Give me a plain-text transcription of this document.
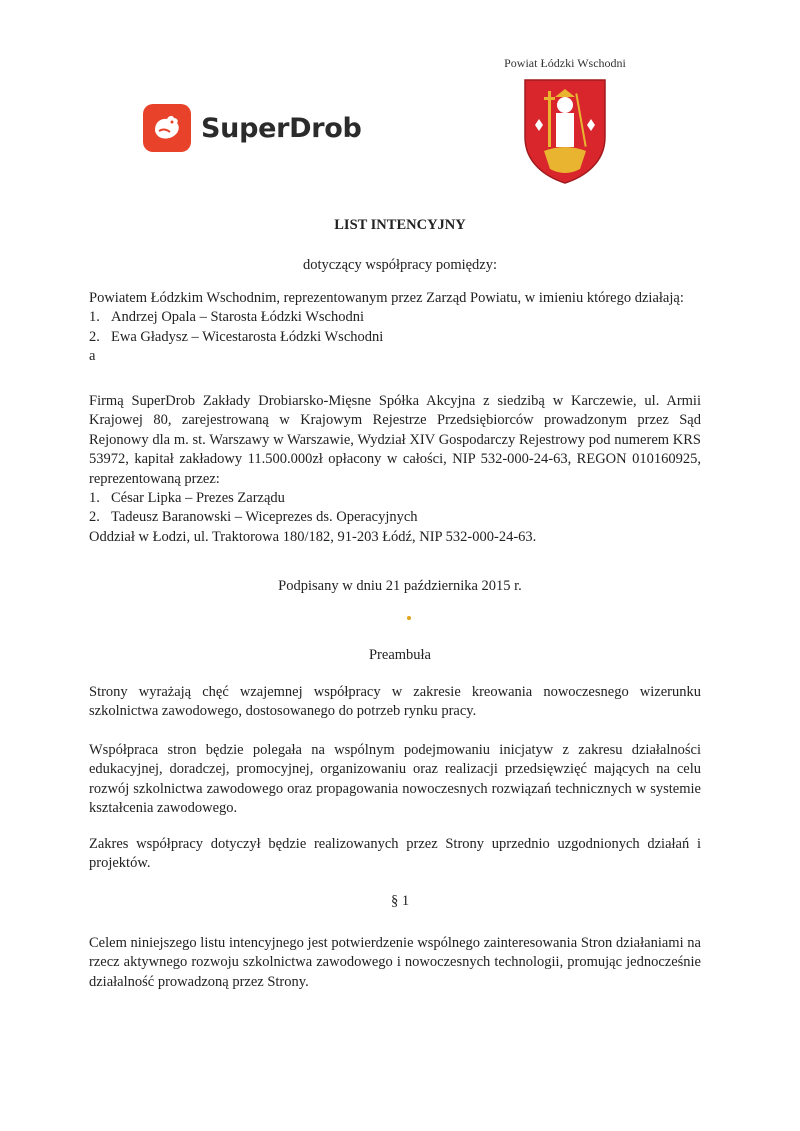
SuperDrob
Powiat Łódzki Wschodni
LIST INTENCYJNY
dotyczący współpracy pomiędzy:

Powiatem Łódzkim Wschodnim, reprezentowanym przez Zarząd Powiatu, w imieniu którego działają:

1. Andrzej Opala – Starosta Łódzki Wschodni
2. Ewa Gładysz – Wicestarosta Łódzki Wschodni

a

Firmą SuperDrob Zakłady Drobiarsko-Mięsne Spółka Akcyjna z siedzibą w Karczewie, ul. Armii Krajowej 80, zarejestrowaną w Krajowym Rejestrze Przedsiębiorców prowadzonym przez Sąd Rejonowy dla m. st. Warszawy w Warszawie, Wydział XIV Gospodarczy Rejestrowy pod numerem KRS 53972, kapitał zakładowy 11.500.000zł opłacony w całości, NIP 532-000-24-63, REGON 010160925, reprezentowaną przez:

1. César Lipka – Prezes Zarządu
2. Tadeusz Baranowski – Wiceprezes ds. Operacyjnych

Oddział w Łodzi, ul. Traktorowa 180/182, 91-203 Łódź, NIP 532-000-24-63.

Podpisany w dniu 21 października 2015 r.
Preambuła

Strony wyrażają chęć wzajemnej współpracy w zakresie kreowania nowoczesnego wizerunku szkolnictwa zawodowego, dostosowanego do potrzeb rynku pracy.

Współpraca stron będzie polegała na wspólnym podejmowaniu inicjatyw z zakresu działalności edukacyjnej, doradczej, promocyjnej, organizowaniu oraz realizacji przedsięwzięć mających na celu rozwój szkolnictwa zawodowego oraz propagowania nowoczesnych rozwiązań technicznych w systemie kształcenia zawodowego.

Zakres współpracy dotyczył będzie realizowanych przez Strony uprzednio uzgodnionych działań i projektów.

§ 1

Celem niniejszego listu intencyjnego jest potwierdzenie wspólnego zainteresowania Stron działaniami na rzecz aktywnego rozwoju szkolnictwa zawodowego i nowoczesnych technologii, promując jednocześnie działalność prowadzoną przez Strony.
